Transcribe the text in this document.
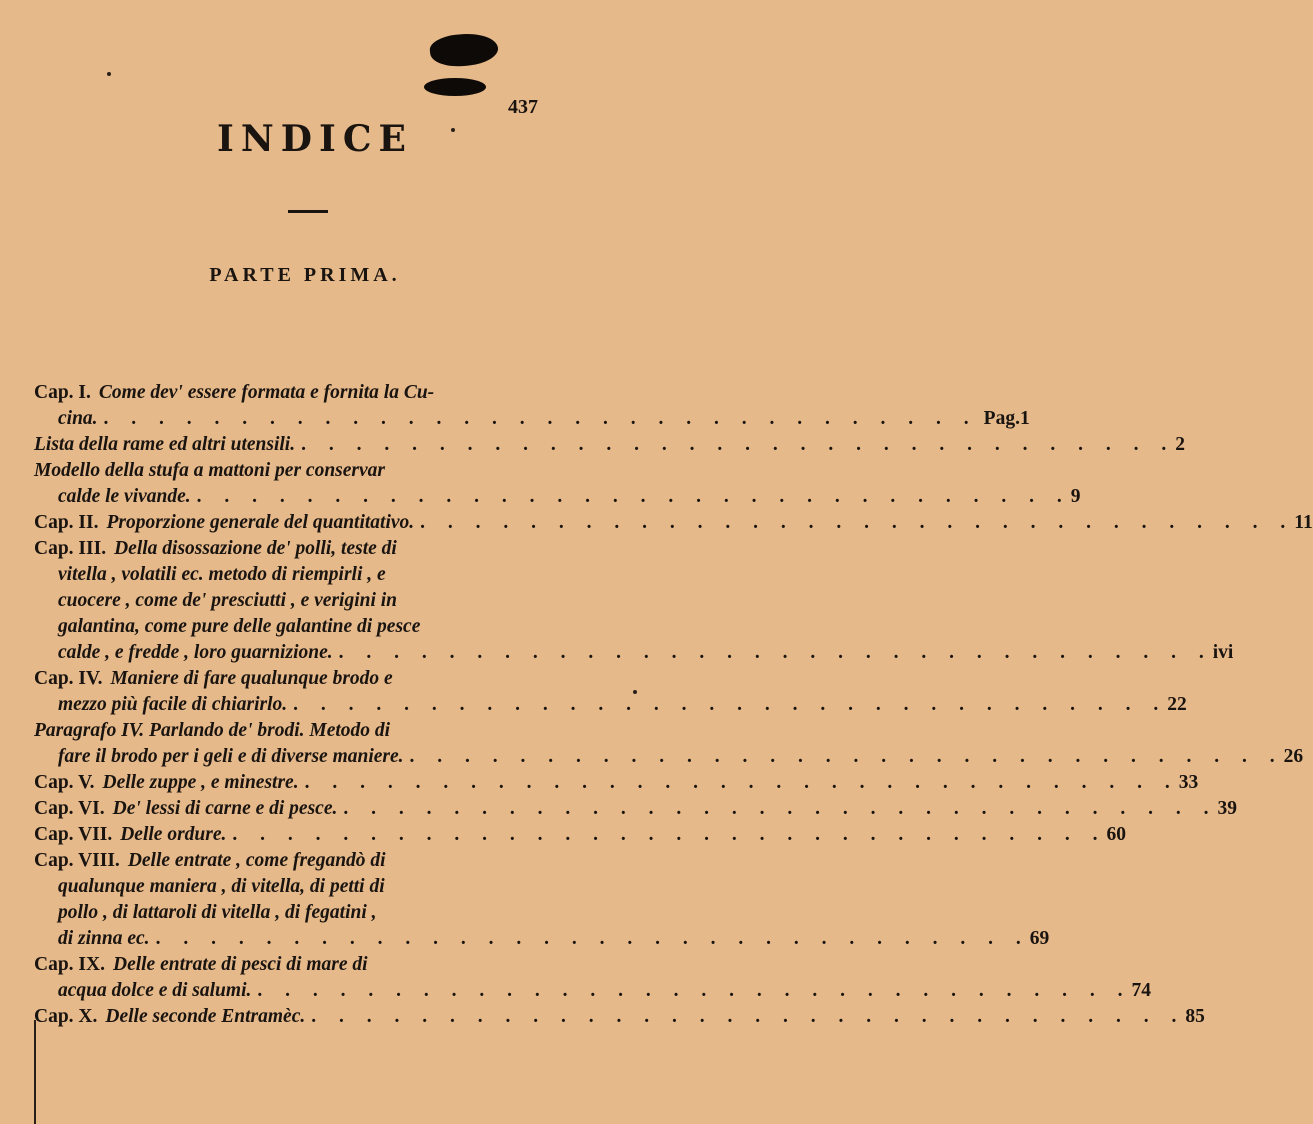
437
INDICE
PARTE PRIMA.
Cap. I. Come dev' essere formata e fornita la Cu-
cina. . . . . . . . . . . . . . . . . . . . . . . . . . . . . . . . . Pag. 1
Lista della rame ed altri utensili. . . . . . . . . . . . . . . . . . . . . . . . . . . . . . . . . 2
Modello della stufa a mattoni per conservar
calde le vivande. . . . . . . . . . . . . . . . . . . . . . . . . . . . . . . . . 9
Cap. II. Proporzione generale del quantitativo. . . . . . . . . . . . . . . . . . . . . . . . . . . . . . . . . 11
Cap. III. Della disossazione de' polli, teste di
vitella , volatili ec. metodo di riempirli , e
cuocere , come de' presciutti , e verigini in
galantina, come pure delle galantine di pesce
calde , e fredde , loro guarnizione. . . . . . . . . . . . . . . . . . . . . . . . . . . . . . . . . ivi
Cap. IV. Maniere di fare qualunque brodo e
mezzo più facile di chiarirlo. . . . . . . . . . . . . . . . . . . . . . . . . . . . . . . . . 22
Paragrafo IV. Parlando de' brodi. Metodo di
fare il brodo per i geli e di diverse maniere. . . . . . . . . . . . . . . . . . . . . . . . . . . . . . . . . 26
Cap. V. Delle zuppe , e minestre. . . . . . . . . . . . . . . . . . . . . . . . . . . . . . . . . 33
Cap. VI. De' lessi di carne e di pesce. . . . . . . . . . . . . . . . . . . . . . . . . . . . . . . . . 39
Cap. VII. Delle ordure. . . . . . . . . . . . . . . . . . . . . . . . . . . . . . . . . 60
Cap. VIII. Delle entrate , come fregandò di
qualunque maniera , di vitella, di petti di
pollo , di lattaroli di vitella , di fegatini ,
di zinna ec. . . . . . . . . . . . . . . . . . . . . . . . . . . . . . . . . 69
Cap. IX. Delle entrate di pesci di mare di
acqua dolce e di salumi. . . . . . . . . . . . . . . . . . . . . . . . . . . . . . . . . 74
Cap. X. Delle seconde Entramèc. . . . . . . . . . . . . . . . . . . . . . . . . . . . . . . . . 85
